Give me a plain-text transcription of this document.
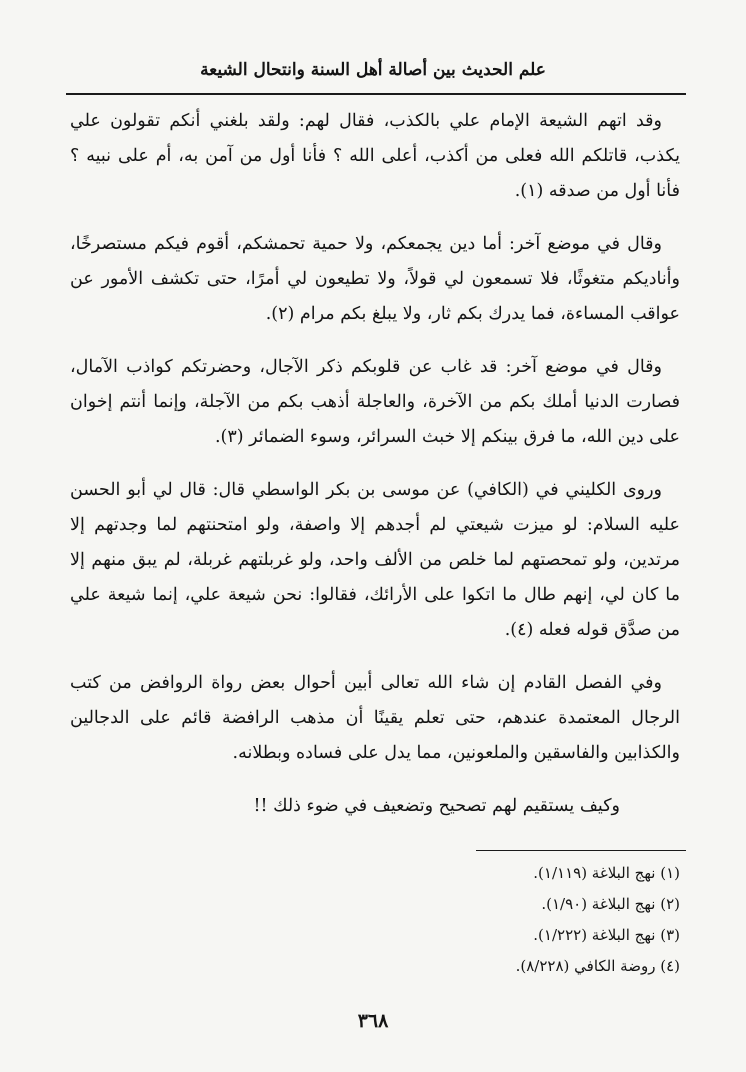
علم الحديث بين أصالة أهل السنة وانتحال الشيعة

وقد اتهم الشيعة الإمام علي بالكذب، فقال لهم: ولقد بلغني أنكم تقولون علي يكذب، قاتلكم الله فعلى من أكذب، أعلى الله ؟ فأنا أول من آمن به، أم على نبيه ؟ فأنا أول من صدقه (١).

وقال في موضع آخر: أما دين يجمعكم، ولا حمية تحمشكم، أقوم فيكم مستصرخًا، وأناديكم متغوثًا، فلا تسمعون لي قولاً، ولا تطيعون لي أمرًا، حتى تكشف الأمور عن عواقب المساءة، فما يدرك بكم ثار، ولا يبلغ بكم مرام (٢).

وقال في موضع آخر: قد غاب عن قلوبكم ذكر الآجال، وحضرتكم كواذب الآمال، فصارت الدنيا أملك بكم من الآخرة، والعاجلة أذهب بكم من الآجلة، وإنما أنتم إخوان على دين الله، ما فرق بينكم إلا خبث السرائر، وسوء الضمائر (٣).

وروى الكليني في (الكافي) عن موسى بن بكر الواسطي قال: قال لي أبو الحسن عليه السلام: لو ميزت شيعتي لم أجدهم إلا واصفة، ولو امتحنتهم لما وجدتهم إلا مرتدين، ولو تمحصتهم لما خلص من الألف واحد، ولو غربلتهم غربلة، لم يبق منهم إلا ما كان لي، إنهم طال ما اتكوا على الأرائك، فقالوا: نحن شيعة علي، إنما شيعة علي من صدَّق قوله فعله (٤).

وفي الفصل القادم إن شاء الله تعالى أبين أحوال بعض رواة الروافض من كتب الرجال المعتمدة عندهم، حتى تعلم يقينًا أن مذهب الرافضة قائم على الدجالين والكذابين والفاسقين والملعونين، مما يدل على فساده وبطلانه.

وكيف يستقيم لهم تصحيح وتضعيف في ضوء ذلك !!

(١) نهج البلاغة (١/١١٩).
(٢) نهج البلاغة (١/٩٠).
(٣) نهج البلاغة (١/٢٢٢).
(٤) روضة الكافي (٨/٢٢٨).
٣٦٨
